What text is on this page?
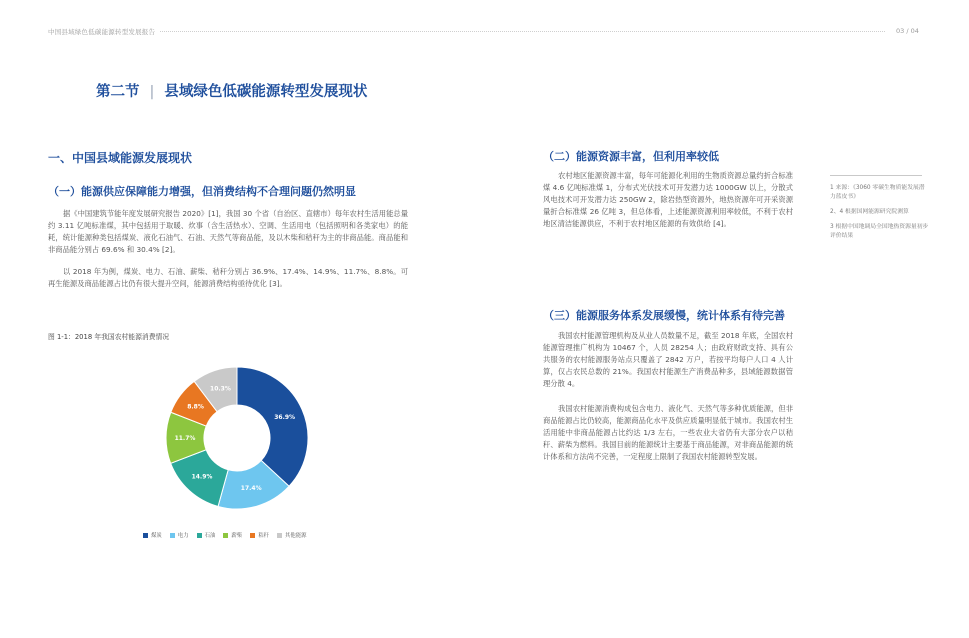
中国县域绿色低碳能源转型发展报告	03 / 04
第二节 | 县域绿色低碳能源转型发展现状
一、中国县域能源发展现状
（一）能源供应保障能力增强，但消费结构不合理问题仍然明显
据《中国建筑节能年度发展研究报告 2020》[1]，我国 30 个省（自治区、直辖市）每年农村生活用能总量约 3.11 亿吨标准煤，其中包括用于取暖、炊事（含生活热水）、空调、生活用电（包括照明和各类家电）的能耗，统计能源种类包括煤炭、液化石油气、石油、天然气等商品能，及以木柴和秸秆为主的非商品能。商品能和非商品能分别占 69.6% 和 30.4% [2]。
以 2018 年为例，煤炭、电力、石油、薪柴、秸秆分别占 36.9%、17.4%、14.9%、11.7%、8.8%。可再生能源及商品能源占比仍有很大提升空间，能源消费结构亟待优化 [3]。
图 1-1：2018 年我国农村能源消费情况
36.9%
17.4%
14.9%
11.7%
8.8%
10.3%
煤炭	电力	石油	薪柴	秸秆	其他能源
（二）能源资源丰富，但利用率较低
农村地区能源资源丰富，每年可能源化利用的生物质资源总量约折合标准煤 4.6 亿吨标准煤 1，分布式光伏技术可开发潜力达 1000GW 以上，分散式风电技术可开发潜力达 250GW 2，除岩热型资源外，地热资源年可开采资源量折合标准煤 26 亿吨 3，但总体看，上述能源资源利用率较低，不利于农村地区清洁能源供应，不利于农村地区能源的有效供给 [4]。
（三）能源服务体系发展缓慢，统计体系有待完善
我国农村能源管理机构及从业人员数量不足，截至 2018 年底，全国农村能源管理推广机构为 10467 个，人员 28254 人；由政府财政支持、具有公共服务的农村能源服务站点只覆盖了 2842 万户，若按平均每户人口 4 人计算，仅占农民总数的 21%。我国农村能源生产消费品种多，县域能源数据管理分散 4。
我国农村能源消费构成包含电力、液化气、天然气等多种优质能源，但非商品能源占比仍较高，能源商品化水平及供应质量明显低于城市。我国农村生活用能中非商品能源占比约达 1/3 左右，一些农业大省仍有大部分农户以秸秆、薪柴为燃料。我国目前的能源统计主要基于商品能源，对非商品能源的统计体系和方法尚不完善，一定程度上限制了我国农村能源转型发展。
1 来源：《3060 零碳生物质能发展潜力蓝皮书》
2、4 根据国网能源研究院测算
3 根据中国地调局全国地热资源量初步评价结果
